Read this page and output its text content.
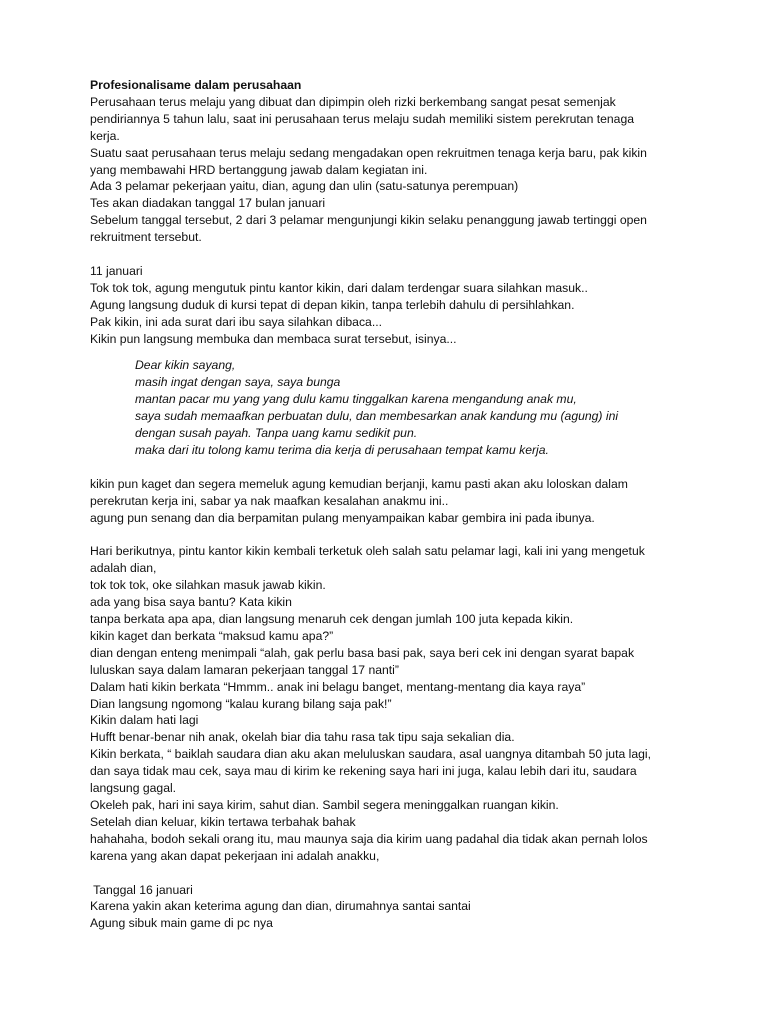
Profesionalisame dalam perusahaan
Perusahaan terus melaju yang dibuat dan dipimpin oleh rizki berkembang sangat pesat semenjak
pendiriannya 5 tahun lalu, saat ini perusahaan terus melaju sudah memiliki sistem perekrutan tenaga
kerja.
Suatu saat perusahaan terus melaju sedang mengadakan open rekruitmen tenaga kerja baru, pak kikin
yang membawahi HRD bertanggung jawab dalam kegiatan ini.
Ada 3 pelamar pekerjaan yaitu, dian, agung dan ulin (satu-satunya perempuan)
Tes akan diadakan tanggal 17 bulan januari
Sebelum tanggal tersebut, 2 dari 3 pelamar mengunjungi kikin selaku penanggung jawab tertinggi open
rekruitment tersebut.
11 januari
Tok tok tok, agung mengutuk pintu kantor kikin, dari dalam terdengar suara silahkan masuk..
Agung langsung duduk di kursi tepat di depan kikin, tanpa terlebih dahulu di persihlahkan.
Pak kikin, ini ada surat dari ibu saya silahkan dibaca...
Kikin pun langsung membuka dan membaca surat tersebut, isinya...
Dear kikin sayang,
masih ingat dengan saya, saya bunga
mantan pacar mu yang yang dulu kamu tinggalkan karena mengandung anak mu,
saya sudah memaafkan perbuatan dulu, dan membesarkan anak kandung mu (agung) ini
dengan susah payah. Tanpa uang kamu sedikit pun.
maka dari itu tolong kamu terima dia kerja di perusahaan tempat kamu kerja.
kikin pun kaget dan segera memeluk agung kemudian berjanji, kamu pasti akan aku loloskan dalam
perekrutan kerja ini, sabar ya nak maafkan kesalahan anakmu ini..
agung pun senang dan dia berpamitan pulang menyampaikan kabar gembira ini pada ibunya.
Hari berikutnya, pintu kantor kikin kembali terketuk oleh salah satu pelamar lagi, kali ini yang mengetuk
adalah dian,
tok tok tok, oke silahkan masuk jawab kikin.
ada yang bisa saya bantu? Kata kikin
tanpa berkata apa apa, dian langsung menaruh cek dengan jumlah 100 juta kepada kikin.
kikin kaget dan berkata “maksud kamu apa?”
dian dengan enteng menimpali “alah, gak perlu basa basi pak, saya beri cek ini dengan syarat bapak
luluskan saya dalam lamaran pekerjaan tanggal 17 nanti”
Dalam hati kikin berkata “Hmmm.. anak ini belagu banget, mentang-mentang dia kaya raya”
Dian langsung ngomong “kalau kurang bilang saja pak!”
Kikin dalam hati lagi
Hufft benar-benar nih anak, okelah biar dia tahu rasa tak tipu saja sekalian dia.
Kikin berkata, “ baiklah saudara dian aku akan meluluskan saudara, asal uangnya ditambah 50 juta lagi,
dan saya tidak mau cek, saya mau di kirim ke rekening saya hari ini juga, kalau lebih dari itu, saudara
langsung gagal.
Okeleh pak, hari ini saya kirim, sahut dian. Sambil segera meninggalkan ruangan kikin.
Setelah dian keluar, kikin tertawa terbahak bahak
hahahaha, bodoh sekali orang itu, mau maunya saja dia kirim uang padahal dia tidak akan pernah lolos
karena yang akan dapat pekerjaan ini adalah anakku,
Tanggal 16 januari
Karena yakin akan keterima agung dan dian, dirumahnya santai santai
Agung sibuk main game di pc nya
